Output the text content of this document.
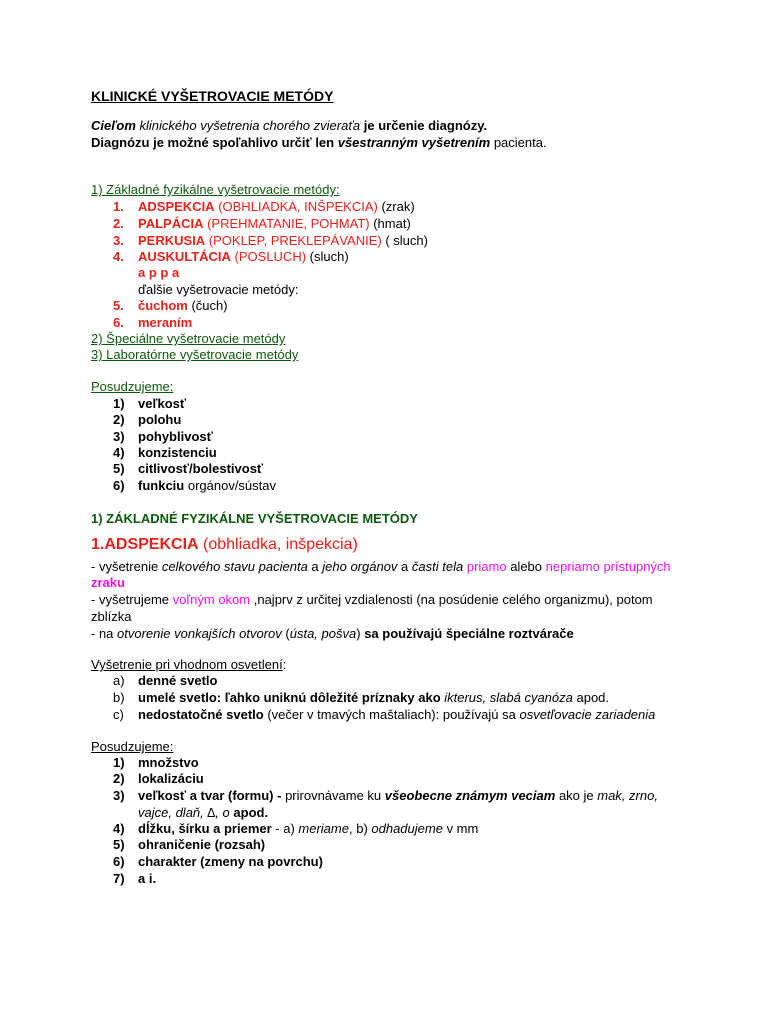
KLINICKÉ VYŠETROVACIE METÓDY
Cieľom klinického vyšetrenia chorého zvieraťa je určenie diagnózy.
Diagnózu je možné spoľahlivo určiť len všestranným vyšetrením pacienta.
1) Základné fyzikálne vyšetrovacie metódy:
1.	ADSPEKCIA (OBHLIADKA, INŠPEKCIA) (zrak)
2.	PALPÁCIA (PREHMATANIE, POHMAT) (hmat)
3.	PERKUSIA (POKLEP, PREKLEPÁVANIE) ( sluch)
4.	AUSKULTÁCIA (POSLUCH) (sluch)
a p p a
ďalšie vyšetrovacie metódy:
5.	čuchom (čuch)
6.	meraním
2) Špeciálne vyšetrovacie metódy
3) Laboratórne vyšetrovacie metódy
Posudzujeme:
1)	veľkosť
2)	polohu
3)	pohyblivosť
4)	konzistenciu
5)	citlivosť/bolestivosť
6)	funkciu orgánov/sústav
1) ZÁKLADNÉ FYZIKÁLNE VYŠETROVACIE METÓDY
1.ADSPEKCIA (obhliadka, inšpekcia)
- vyšetrenie celkového stavu pacienta a jeho orgánov a časti tela priamo alebo nepriamo prístupných
zraku
- vyšetrujeme voľným okom ,najprv z určitej vzdialenosti (na posúdenie celého organizmu), potom
zblízka
- na otvorenie vonkajších otvorov (ústa, pošva) sa používajú špeciálne roztvárače
Vyšetrenie pri vhodnom osvetlení:
a) denné svetlo
b) umelé svetlo: ľahko uniknú dôležité príznaky ako ikterus, slabá cyanóza apod.
c) nedostatočné svetlo (večer v tmavých maštaliach): používajú sa osvetľovacie zariadenia
Posudzujeme:
1)	množstvo
2)	lokalizáciu
3)	veľkosť a tvar (formu) - prirovnávame ku všeobecne známym veciam ako je mak, zrno,
vajce, dlaň, ∆, o apod.
4)	dĺžku, šírku a priemer - a) meriame, b) odhadujeme v mm
5)	ohraničenie (rozsah)
6)	charakter (zmeny na povrchu)
7)	a i.
